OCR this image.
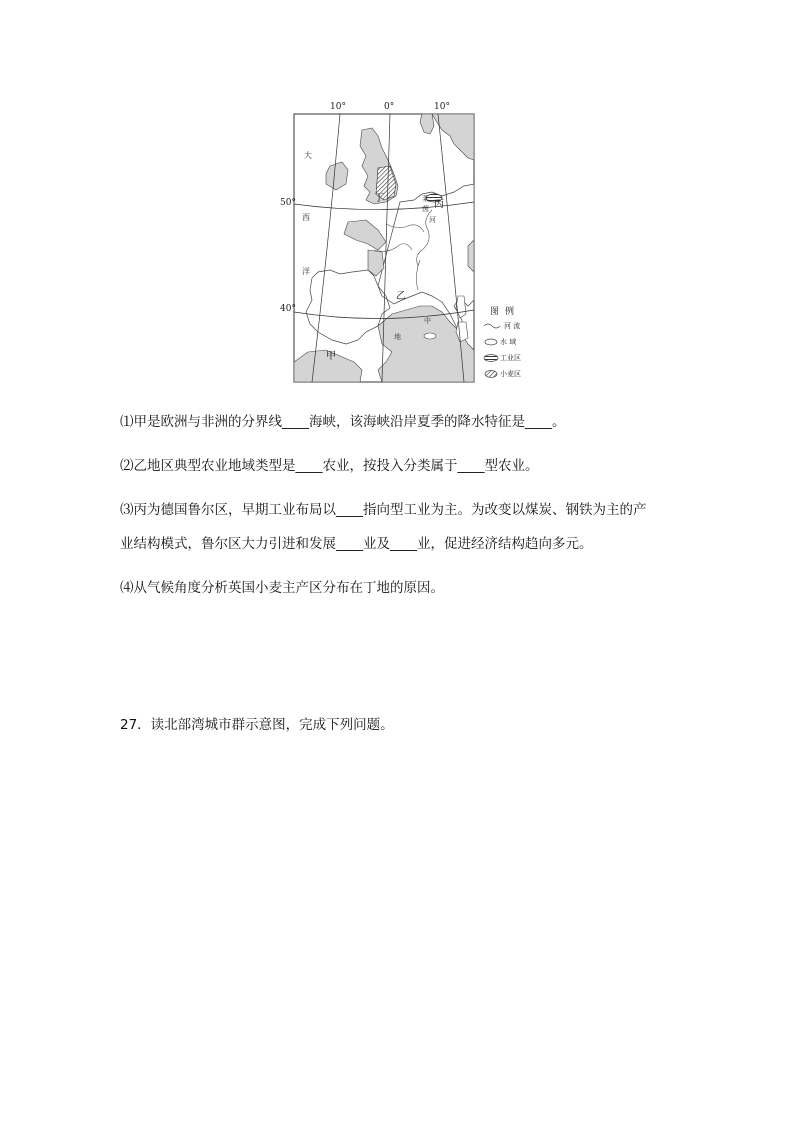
10°	0°	10°
50°
40°
大
西
洋
甲
乙
丙
丁	莱
茵
河
地
中
图例
河 流
水 域
工业区
小麦区
⑴甲是欧洲与非洲的分界线____海峡，该海峡沿岸夏季的降水特征是____。
⑵乙地区典型农业地域类型是____农业，按投入分类属于____型农业。
⑶丙为德国鲁尔区，早期工业布局以____指向型工业为主。为改变以煤炭、钢铁为主的产
业结构模式，鲁尔区大力引进和发展____业及____业，促进经济结构趋向多元。
⑷从气候角度分析英国小麦主产区分布在丁地的原因。
27．读北部湾城市群示意图，完成下列问题。
